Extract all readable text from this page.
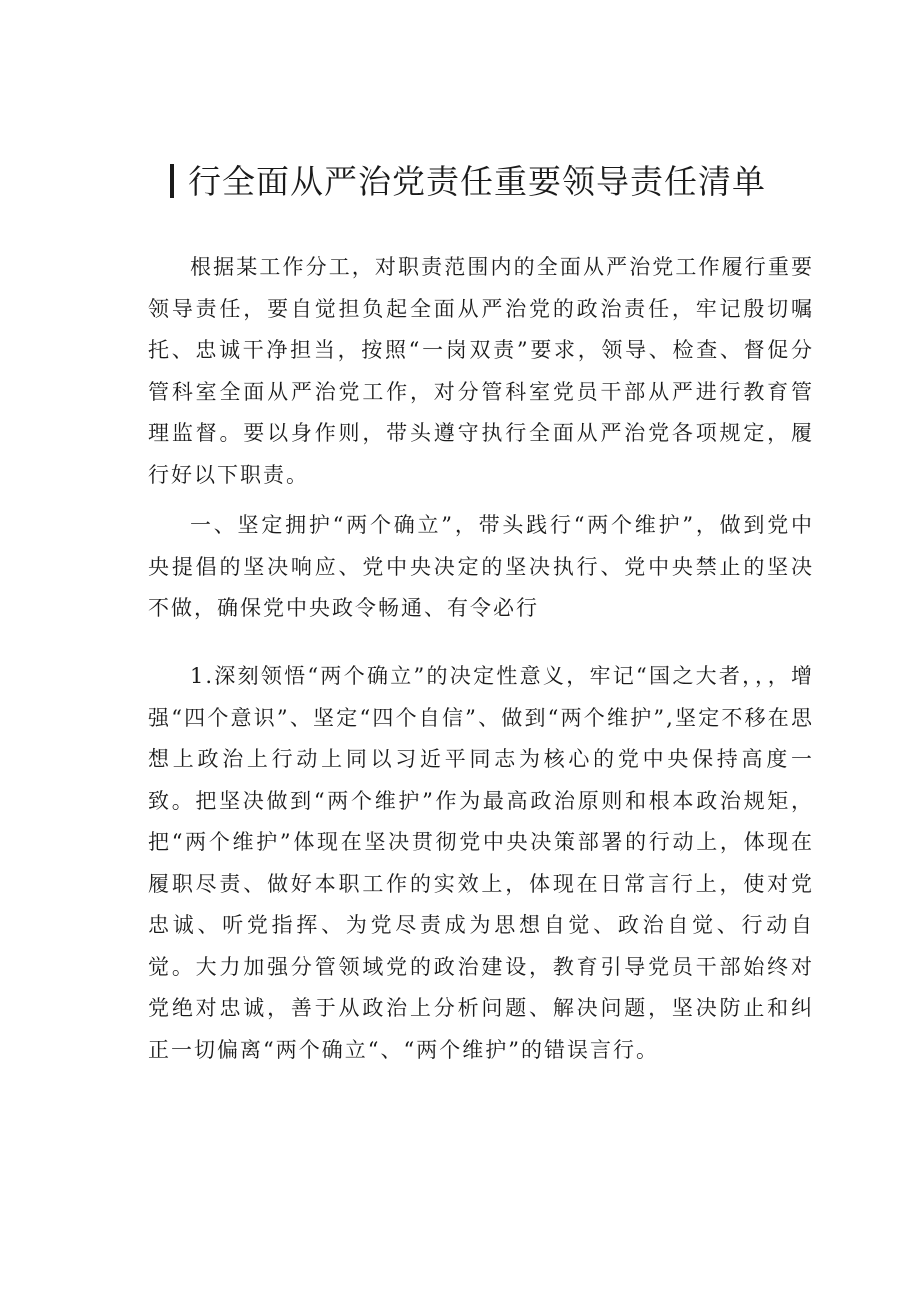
行全面从严治党责任重要领导责任清单

根据某工作分工，对职责范围内的全面从严治党工作履行重要领导责任，要自觉担负起全面从严治党的政治责任，牢记殷切嘱托、忠诚干净担当，按照“一岗双责”要求，领导、检查、督促分管科室全面从严治党工作，对分管科室党员干部从严进行教育管理监督。要以身作则，带头遵守执行全面从严治党各项规定，履行好以下职责。

一、坚定拥护“两个确立”，带头践行“两个维护”，做到党中央提倡的坚决响应、党中央决定的坚决执行、党中央禁止的坚决不做，确保党中央政令畅通、有令必行

1.深刻领悟“两个确立”的决定性意义，牢记“国之大者，，，增强“四个意识”、坚定“四个自信”、做到“两个维护”,坚定不移在思想上政治上行动上同以习近平同志为核心的党中央保持高度一致。把坚决做到“两个维护”作为最高政治原则和根本政治规矩，把“两个维护”体现在坚决贯彻党中央决策部署的行动上，体现在履职尽责、做好本职工作的实效上，体现在日常言行上，使对党忠诚、听党指挥、为党尽责成为思想自觉、政治自觉、行动自觉。大力加强分管领域党的政治建设，教育引导党员干部始终对党绝对忠诚，善于从政治上分析问题、解决问题，坚决防止和纠正一切偏离“两个确立“、“两个维护”的错误言行。
